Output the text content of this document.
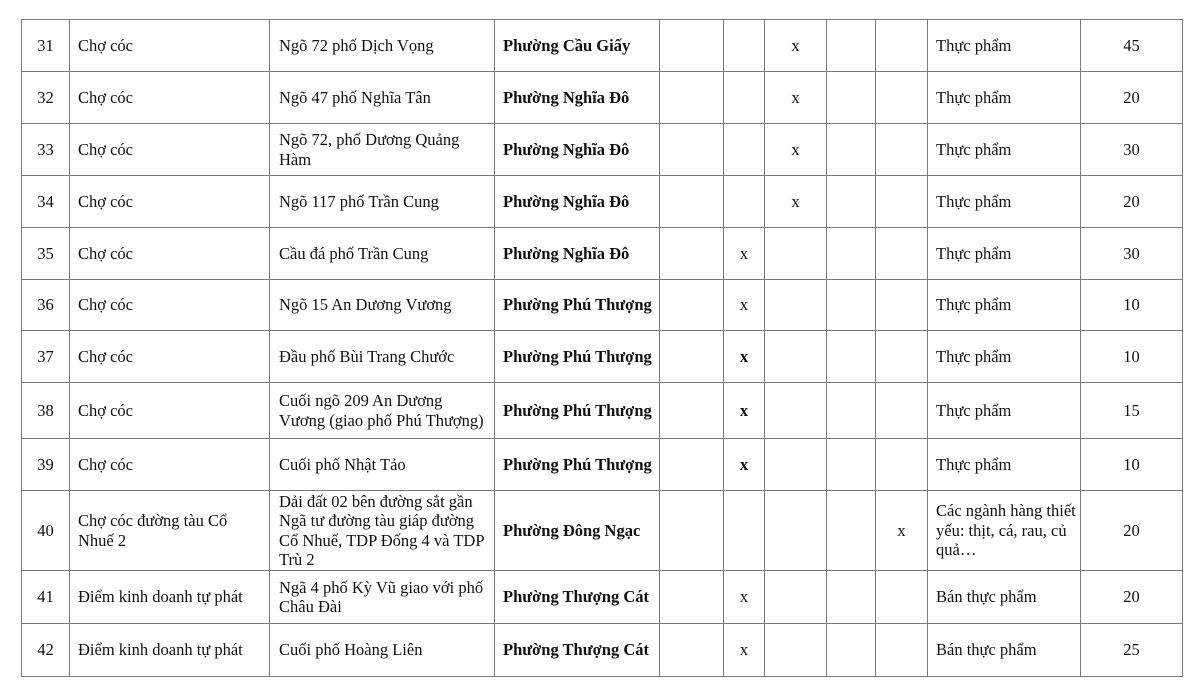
31	Chợ cóc	Ngõ 72 phố Dịch Vọng	Phường Cầu Giấy			x			Thực phẩm	45
32	Chợ cóc	Ngõ 47 phố Nghĩa Tân	Phường Nghĩa Đô			x			Thực phẩm	20
33	Chợ cóc	Ngõ 72, phố Dương Quảng Hàm	Phường Nghĩa Đô			x			Thực phẩm	30
34	Chợ cóc	Ngõ 117 phố Trần Cung	Phường Nghĩa Đô			x			Thực phẩm	20
35	Chợ cóc	Cầu đá phố Trần Cung	Phường Nghĩa Đô		x				Thực phẩm	30
36	Chợ cóc	Ngõ 15 An Dương Vương	Phường Phú Thượng		x				Thực phẩm	10
37	Chợ cóc	Đầu phố Bùi Trang Chước	Phường Phú Thượng		x				Thực phẩm	10
38	Chợ cóc	Cuối ngõ 209 An Dương Vương (giao phố Phú Thượng)	Phường Phú Thượng		x				Thực phẩm	15
39	Chợ cóc	Cuối phố Nhật Tảo	Phường Phú Thượng		x				Thực phẩm	10
40	Chợ cóc đường tàu Cổ Nhuế 2	Dải đất 02 bên đường sắt gần Ngã tư đường tàu giáp đường Cổ Nhuế, TDP Đống 4 và TDP Trù 2	Phường Đông Ngạc					x	Các ngành hàng thiết yếu: thịt, cá, rau, củ quả…	20
41	Điểm kinh doanh tự phát	Ngã 4 phố Kỳ Vũ giao với phố Châu Đài	Phường Thượng Cát		x				Bán thực phẩm	20
42	Điểm kinh doanh tự phát	Cuối phố Hoàng Liên	Phường Thượng Cát		x				Bán thực phẩm	25
